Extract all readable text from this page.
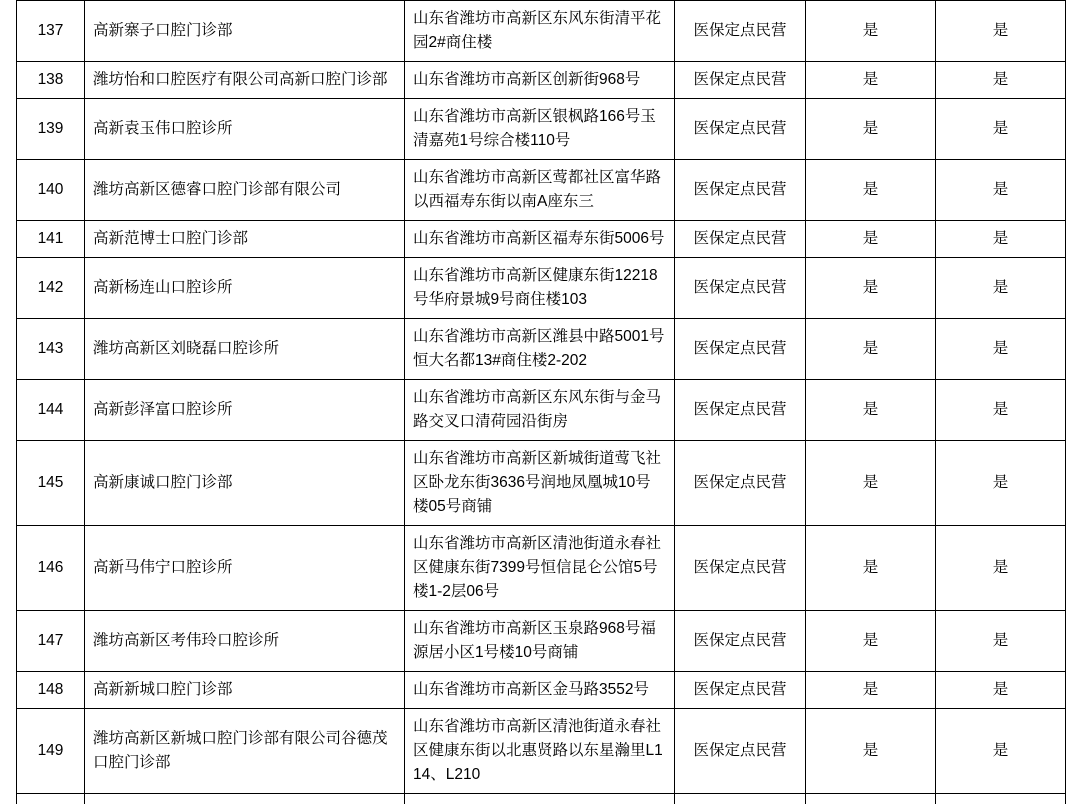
137	高新寨子口腔门诊部	山东省潍坊市高新区东风东街清平花园2#商住楼	医保定点民营	是	是
138	潍坊怡和口腔医疗有限公司高新口腔门诊部	山东省潍坊市高新区创新街968号	医保定点民营	是	是
139	高新袁玉伟口腔诊所	山东省潍坊市高新区银枫路166号玉清嘉苑1号综合楼110号	医保定点民营	是	是
140	潍坊高新区德睿口腔门诊部有限公司	山东省潍坊市高新区莺都社区富华路以西福寿东街以南A座东三	医保定点民营	是	是
141	高新范博士口腔门诊部	山东省潍坊市高新区福寿东街5006号	医保定点民营	是	是
142	高新杨连山口腔诊所	山东省潍坊市高新区健康东街12218号华府景城9号商住楼103	医保定点民营	是	是
143	潍坊高新区刘晓磊口腔诊所	山东省潍坊市高新区潍县中路5001号恒大名都13#商住楼2-202	医保定点民营	是	是
144	高新彭泽富口腔诊所	山东省潍坊市高新区东风东街与金马路交叉口清荷园沿街房	医保定点民营	是	是
145	高新康诚口腔门诊部	山东省潍坊市高新区新城街道莺飞社区卧龙东街3636号润地凤凰城10号楼05号商铺	医保定点民营	是	是
146	高新马伟宁口腔诊所	山东省潍坊市高新区清池街道永春社区健康东街7399号恒信昆仑公馆5号楼1-2层06号	医保定点民营	是	是
147	潍坊高新区考伟玲口腔诊所	山东省潍坊市高新区玉泉路968号福源居小区1号楼10号商铺	医保定点民营	是	是
148	高新新城口腔门诊部	山东省潍坊市高新区金马路3552号	医保定点民营	是	是
149	潍坊高新区新城口腔门诊部有限公司谷德茂口腔门诊部	山东省潍坊市高新区清池街道永春社区健康东街以北惠贤路以东星瀚里L114、L210	医保定点民营	是	是
